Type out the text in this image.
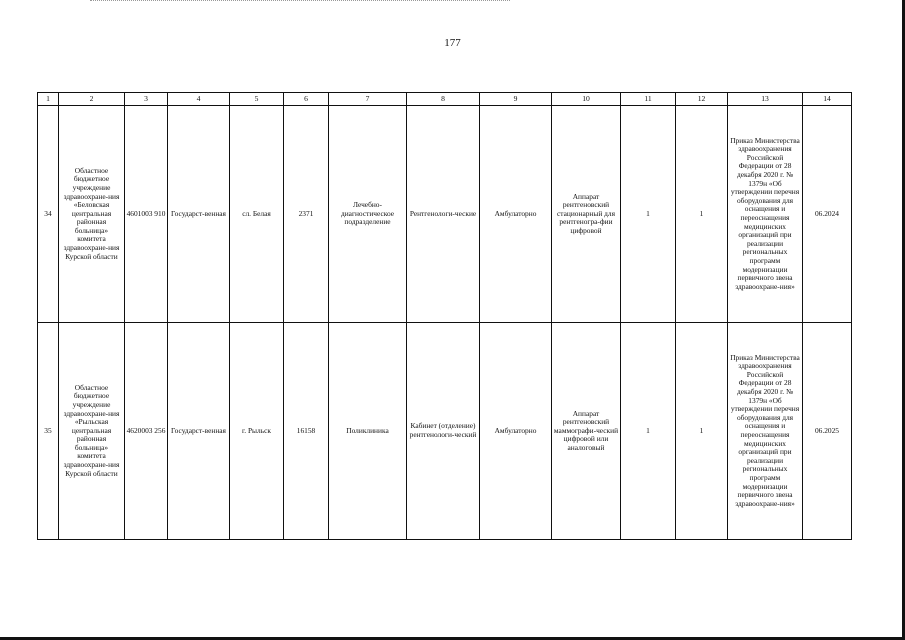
177
1	2	3	4	5	6	7	8	9	10	11	12	13	14
34	Областное бюджетное учреждение здравоохране-ния «Беловская центральная районная больница» комитета здравоохране-ния Курской области	4601003 910	Государст-венная	сл. Белая	2371	Лечебно-диагностическое подразделение	Рентгенологи-ческие	Амбулаторно	Аппарат рентгеновский стационарный для рентгеногра-фии цифровой	1	1	Приказ Министерства здравоохранения Российской Федерации от 28 декабря 2020 г. № 1379н «Об утверждении перечня оборудования для оснащения и переоснащения медицинских организаций при реализации региональных программ модернизации первичного звена здравоохране-ния»	06.2024
35	Областное бюджетное учреждение здравоохране-ния «Рыльская центральная районная больница» комитета здравоохране-ния Курской области	4620003 256	Государст-венная	г. Рыльск	16158	Поликлиника	Кабинет (отделение) рентгенологи-ческий	Амбулаторно	Аппарат рентгеновский маммографи-ческий цифровой или аналоговый	1	1	Приказ Министерства здравоохранения Российской Федерации от 28 декабря 2020 г. № 1379н «Об утверждении перечня оборудования для оснащения и переоснащения медицинских организаций при реализации региональных программ модернизации первичного звена здравоохране-ния»	06.2025
